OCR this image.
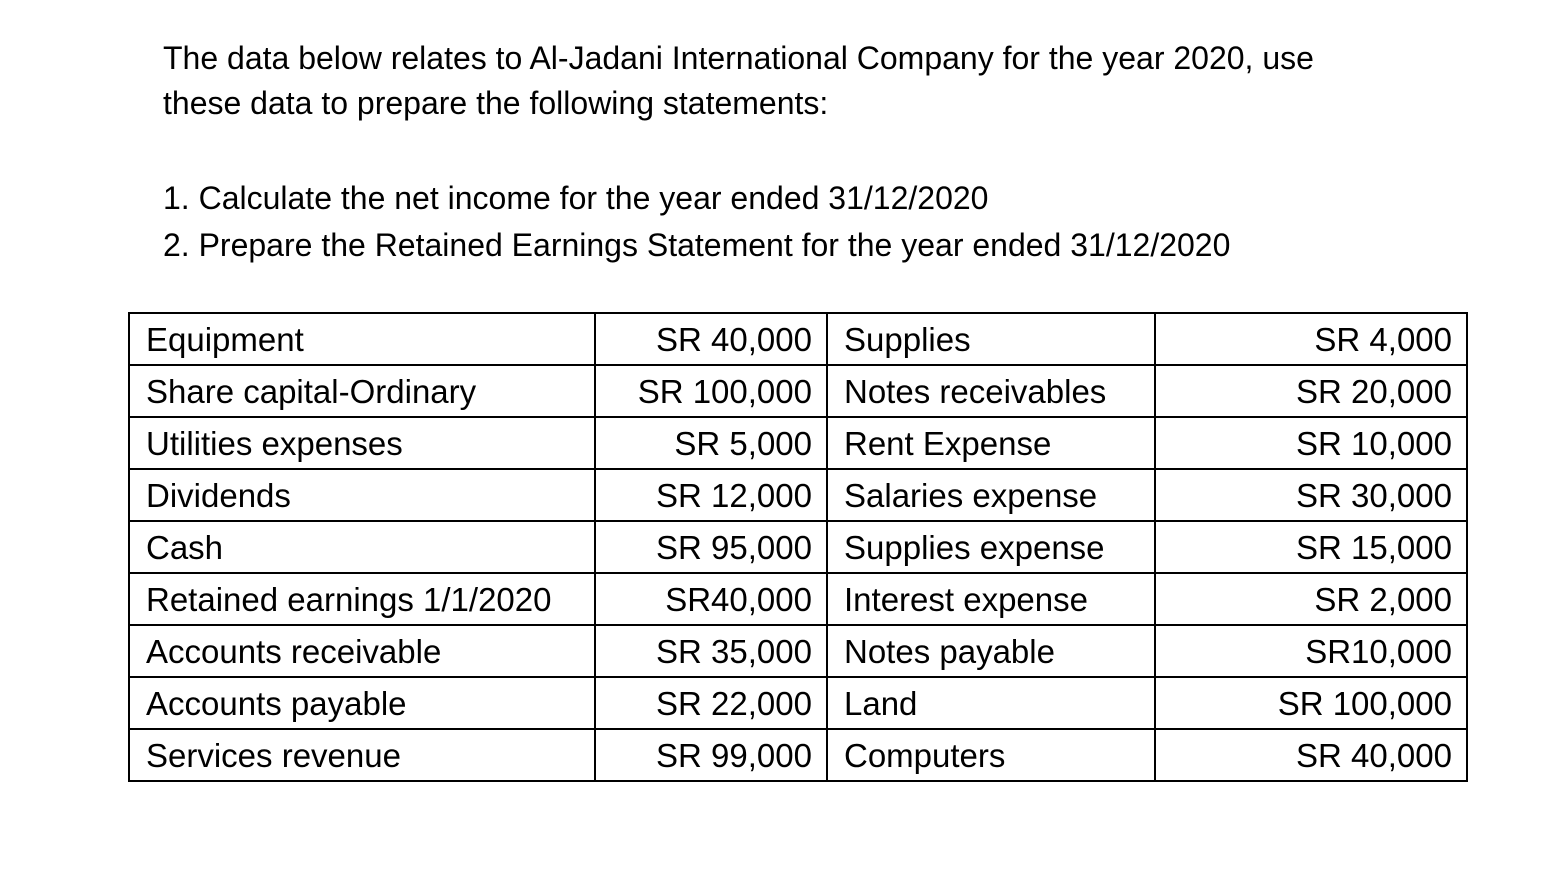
The data below relates to Al-Jadani International Company for the year 2020, use

these data to prepare the following statements:

1. Calculate the net income for the year ended 31/12/2020

2. Prepare the Retained Earnings Statement for the year ended 31/12/2020

Equipment	SR 40,000	Supplies	SR 4,000
Share capital-Ordinary	SR 100,000	Notes receivables	SR 20,000
Utilities expenses	SR 5,000	Rent Expense	SR 10,000
Dividends	SR 12,000	Salaries expense	SR 30,000
Cash	SR 95,000	Supplies expense	SR 15,000
Retained earnings 1/1/2020	SR40,000	Interest expense	SR 2,000
Accounts receivable	SR 35,000	Notes payable	SR10,000
Accounts payable	SR 22,000	Land	SR 100,000
Services revenue	SR 99,000	Computers	SR 40,000
